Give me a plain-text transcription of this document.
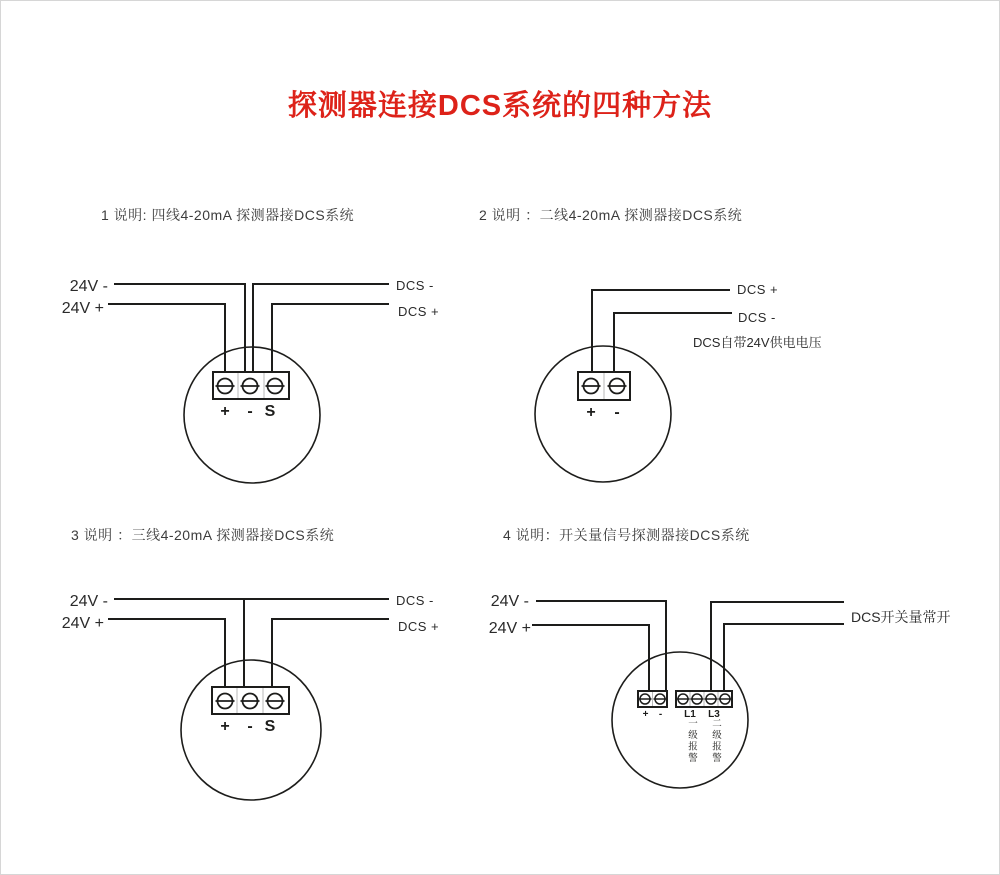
探测器连接DCS系统的四种方法
1 说明: 四线4-20mA 探测器接DCS系统	2 说明 ：二线4-20mA 探测器接DCS系统
3 说明 ：三线4-20mA 探测器接DCS系统	4 说明：开关量信号探测器接DCS系统
24V -
24V +
DCS -
DCS +
+	- S
DCS +
DCS -
DCS自带24V供电电压
+	-
24V -
24V +
DCS -
DCS +
+	- S
24V -
24V +
DCS开关量常开
+	-	L1 L3
一级报警 二级报警
